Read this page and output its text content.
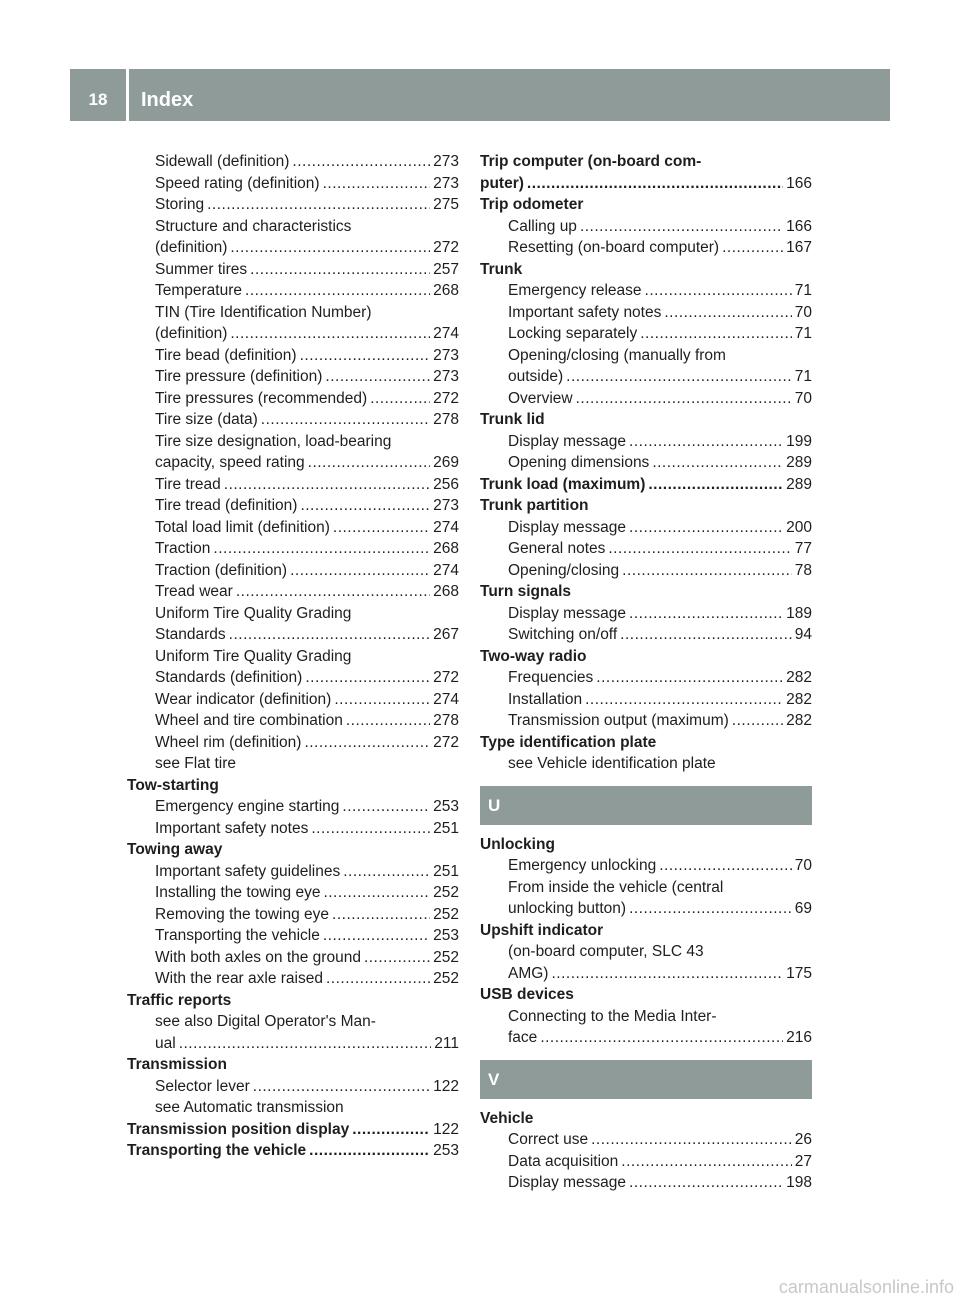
18	Index
Sidewall (definition) .....	273
Speed rating (definition) .....	273
Storing .....	275
Structure and characteristics
(definition) .....	272
Summer tires .....	257
Temperature .....	268
TIN (Tire Identification Number)
(definition) .....	274
Tire bead (definition) .....	273
Tire pressure (definition) .....	273
Tire pressures (recommended) .....	272
Tire size (data) .....	278
Tire size designation, load-bearing
capacity, speed rating .....	269
Tire tread .....	256
Tire tread (definition) .....	273
Total load limit (definition) .....	274
Traction .....	268
Traction (definition) .....	274
Tread wear .....	268
Uniform Tire Quality Grading
Standards .....	267
Uniform Tire Quality Grading
Standards (definition) .....	272
Wear indicator (definition) .....	274
Wheel and tire combination .....	278
Wheel rim (definition) .....	272
see Flat tire
Tow-starting
Emergency engine starting .....	253
Important safety notes .....	251
Towing away
Important safety guidelines .....	251
Installing the towing eye .....	252
Removing the towing eye .....	252
Transporting the vehicle .....	253
With both axles on the ground .....	252
With the rear axle raised .....	252
Traffic reports
see also Digital Operator's Man-
ual .....	211
Transmission
Selector lever .....	122
see Automatic transmission
Transmission position display .....	122
Transporting the vehicle .....	253
Trip computer (on-board com-
puter) .....	166
Trip odometer
Calling up .....	166
Resetting (on-board computer) .....	167
Trunk
Emergency release .....	71
Important safety notes .....	70
Locking separately .....	71
Opening/closing (manually from
outside) .....	71
Overview .....	70
Trunk lid
Display message .....	199
Opening dimensions .....	289
Trunk load (maximum) .....	289
Trunk partition
Display message .....	200
General notes .....	77
Opening/closing .....	78
Turn signals
Display message .....	189
Switching on/off .....	94
Two-way radio
Frequencies .....	282
Installation .....	282
Transmission output (maximum) .....	282
Type identification plate
see Vehicle identification plate
U
Unlocking
Emergency unlocking .....	70
From inside the vehicle (central
unlocking button) .....	69
Upshift indicator
(on-board computer, SLC 43
AMG) .....	175
USB devices
Connecting to the Media Inter-
face .....	216
V
Vehicle
Correct use .....	26
Data acquisition .....	27
Display message .....	198
carmanualsonline.info
